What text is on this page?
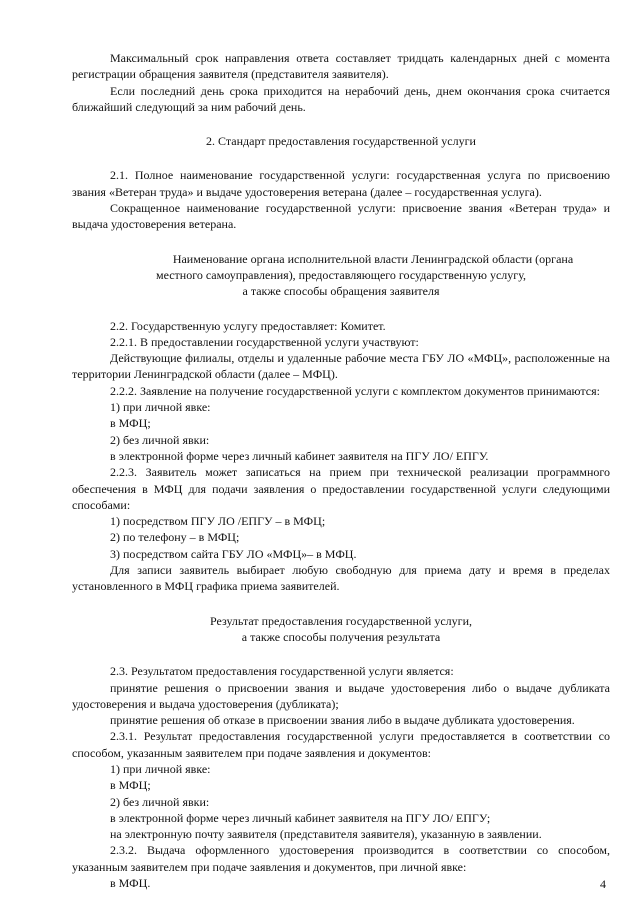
Максимальный срок направления ответа составляет тридцать календарных дней с момента регистрации обращения заявителя (представителя заявителя).

Если последний день срока приходится на нерабочий день, днем окончания срока считается ближайший следующий за ним рабочий день.

2. Стандарт предоставления государственной услуги

2.1. Полное наименование государственной услуги: государственная услуга по присвоению звания «Ветеран труда» и выдаче удостоверения ветерана (далее – государственная услуга).

Сокращенное наименование государственной услуги: присвоение звания «Ветеран труда» и выдача удостоверения ветерана.

Наименование органа исполнительной власти Ленинградской области (органа
местного самоуправления), предоставляющего государственную услугу,
а также способы обращения заявителя

2.2. Государственную услугу предоставляет: Комитет.

2.2.1. В предоставлении государственной услуги участвуют:

Действующие филиалы, отделы и удаленные рабочие места ГБУ ЛО «МФЦ», расположенные на территории Ленинградской области (далее – МФЦ).

2.2.2. Заявление на получение государственной услуги с комплектом документов принимаются:

1) при личной явке:

в МФЦ;

2) без личной явки:

в электронной форме через личный кабинет заявителя на ПГУ ЛО/ ЕПГУ.

2.2.3. Заявитель может записаться на прием при технической реализации программного обеспечения в МФЦ для подачи заявления о предоставлении государственной услуги следующими способами:

1) посредством ПГУ ЛО /ЕПГУ – в МФЦ;

2) по телефону – в МФЦ;

3) посредством сайта ГБУ ЛО «МФЦ»– в МФЦ.

Для записи заявитель выбирает любую свободную для приема дату и время в пределах установленного в МФЦ графика приема заявителей.

Результат предоставления государственной услуги,
а также способы получения результата

2.3. Результатом предоставления государственной услуги является:

принятие решения о присвоении звания и выдаче удостоверения либо о выдаче дубликата удостоверения и выдача удостоверения (дубликата);

принятие решения об отказе в присвоении звания либо в выдаче дубликата удостоверения.

2.3.1. Результат предоставления государственной услуги предоставляется в соответствии со способом, указанным заявителем при подаче заявления и документов:

1) при личной явке:

в МФЦ;

2) без личной явки:

в электронной форме через личный кабинет заявителя на ПГУ ЛО/ ЕПГУ;

на электронную почту заявителя (представителя заявителя), указанную в заявлении.

2.3.2. Выдача оформленного удостоверения производится в соответствии со способом, указанным заявителем при подаче заявления и документов, при личной явке:

в МФЦ.	4
